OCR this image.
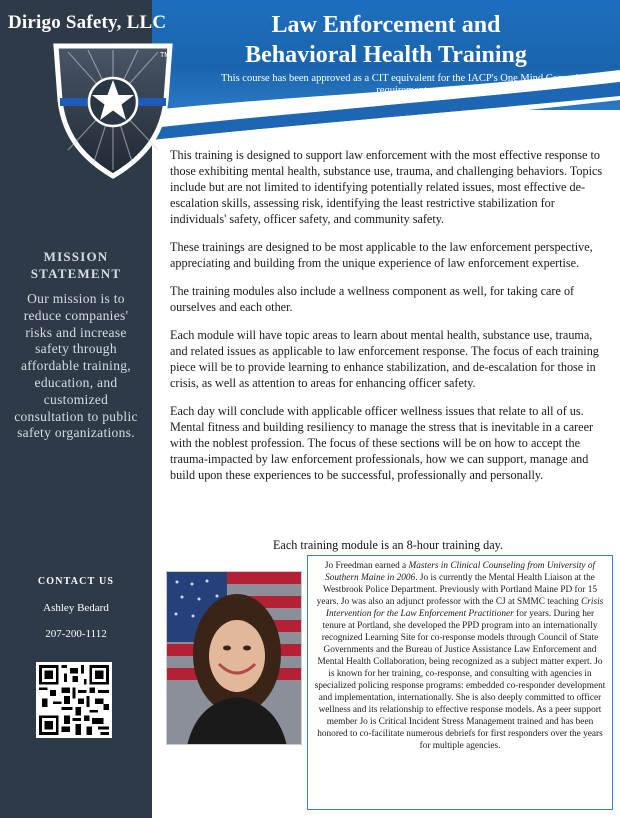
Dirigo Safety, LLC
TM
Law Enforcement and
Behavioral Health Training
This course has been approved as a CIT equivalent for the IACP's One Mind Campaign requirements.
MISSION
STATEMENT
Our mission is to reduce companies' risks and increase safety through affordable training, education, and customized consultation to public safety organizations.
CONTACT US
Ashley Bedard
207-200-1112

This training is designed to support law enforcement with the most effective response to those exhibiting mental health, substance use, trauma, and challenging behaviors. Topics include but are not limited to identifying potentially related issues, most effective de-escalation skills, assessing risk, identifying the least restrictive stabilization for individuals' safety, officer safety, and community safety.

These trainings are designed to be most applicable to the law enforcement perspective, appreciating and building from the unique experience of law enforcement expertise.

The training modules also include a wellness component as well, for taking care of ourselves and each other.

Each module will have topic areas to learn about mental health, substance use, trauma, and related issues as applicable to law enforcement response. The focus of each training piece will be to provide learning to enhance stabilization, and de-escalation for those in crisis, as well as attention to areas for enhancing officer safety.

Each day will conclude with applicable officer wellness issues that relate to all of us. Mental fitness and building resiliency to manage the stress that is inevitable in a career with the noblest profession. The focus of these sections will be on how to accept the trauma-impacted by law enforcement professionals, how we can support, manage and build upon these experiences to be successful, professionally and personally.

Each training module is an 8-hour training day.
Jo Freedman earned a Masters in Clinical Counseling from University of Southern Maine in 2006. Jo is currently the Mental Health Liaison at the Westbrook Police Department. Previously with Portland Maine PD for 15 years. Jo was also an adjunct professor with the CJ at SMMC teaching Crisis Intervention for the Law Enforcement Practitioner for years. During her tenure at Portland, she developed the PPD program into an internationally recognized Learning Site for co-response models through Council of State Governments and the Bureau of Justice Assistance Law Enforcement and Mental Health Collaboration, being recognized as a subject matter expert. Jo is known for her training, co-response, and consulting with agencies in specialized policing response programs: embedded co-responder development and implementation, internationally. She is also deeply committed to officer wellness and its relationship to effective response models. As a peer support member Jo is Critical Incident Stress Management trained and has been honored to co-facilitate numerous debriefs for first responders over the years for multiple agencies.
